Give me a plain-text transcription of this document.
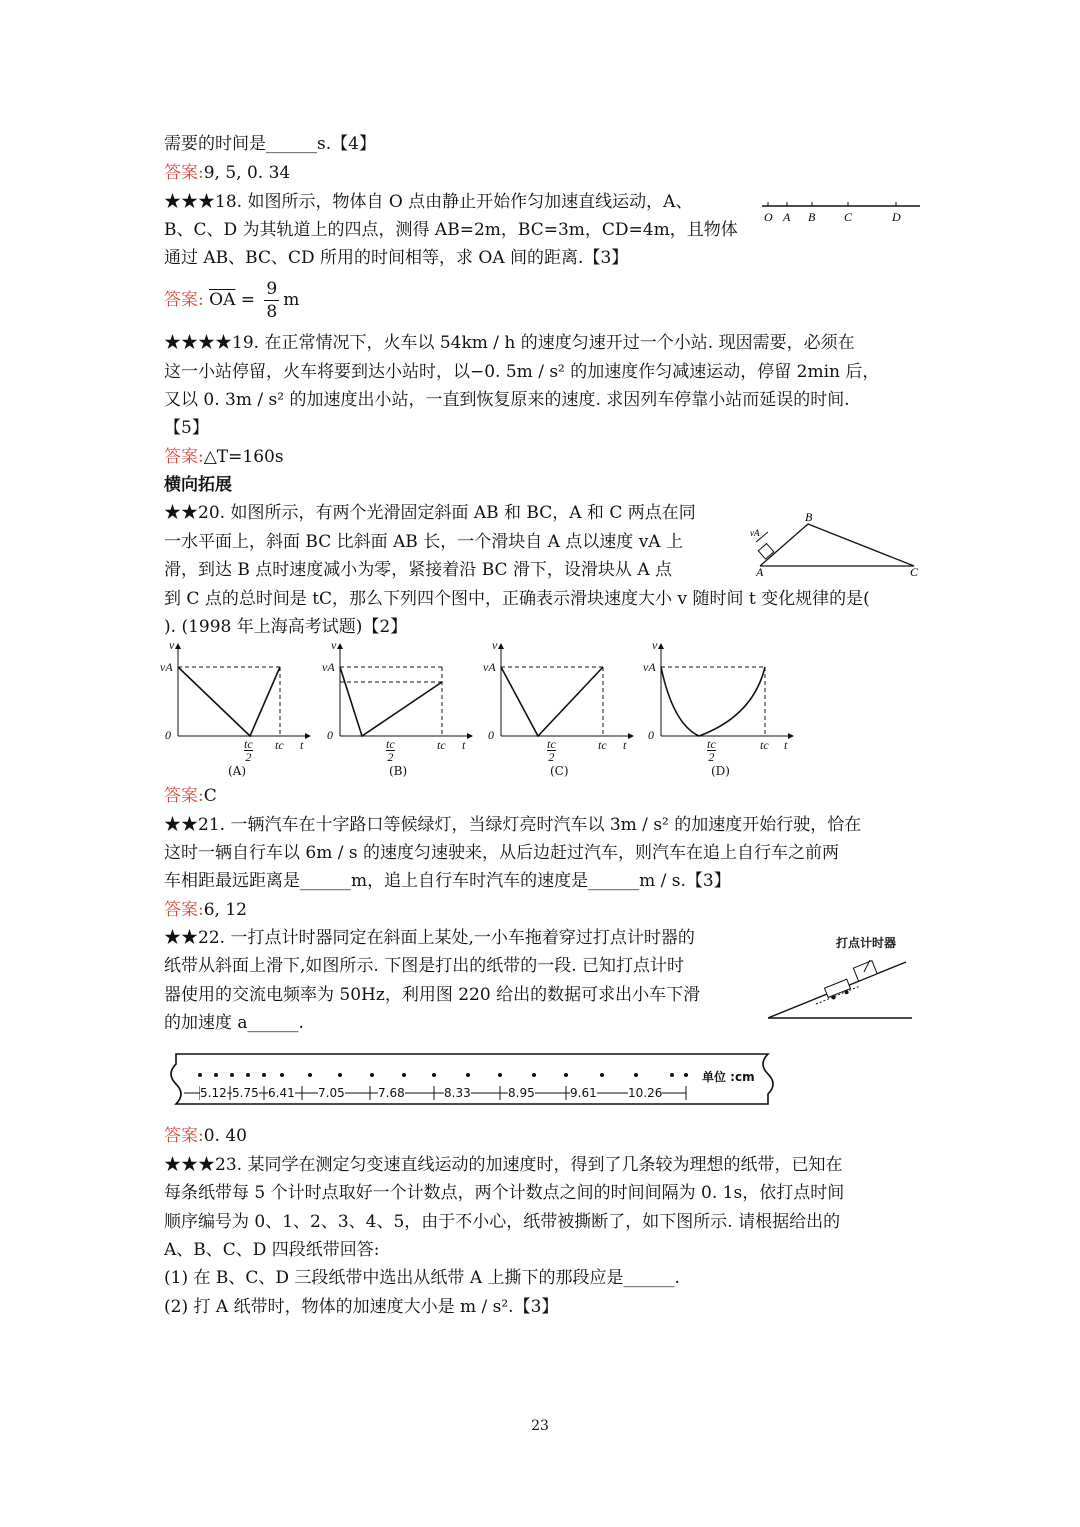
需要的时间是______s.【4】
答案:9, 5, 0. 34
★★★18. 如图所示，物体自 O 点由静止开始作匀加速直线运动，A、
B、C、D 为其轨道上的四点，测得 AB=2m，BC=3m，CD=4m，且物体
通过 AB、BC、CD 所用的时间相等，求 OA 间的距离.【3】
答案: $\overline{OA} = \frac{9}{8}$ m
★★★★19. 在正常情况下，火车以 54km / h 的速度匀速开过一个小站. 现因需要，必须在
这一小站停留，火车将要到达小站时，以−0. 5m / s² 的加速度作匀减速运动，停留 2min 后，
又以 0. 3m / s² 的加速度出小站，一直到恢复原来的速度. 求因列车停靠小站而延误的时间.
【5】
答案:△T=160s
横向拓展
★★20. 如图所示，有两个光滑固定斜面 AB 和 BC，A 和 C 两点在同
一水平面上，斜面 BC 比斜面 AB 长，一个滑块自 A 点以速度 vA 上
滑，到达 B 点时速度减小为零，紧接着沿 BC 滑下，设滑块从 A 点
到 C 点的总时间是 tC，那么下列四个图中，正确表示滑块速度大小 v 随时间 t 变化规律的是(
). (1998 年上海高考试题)【2】
答案:C
★★21. 一辆汽车在十字路口等候绿灯，当绿灯亮时汽车以 3m / s² 的加速度开始行驶，恰在
这时一辆自行车以 6m / s 的速度匀速驶来，从后边赶过汽车，则汽车在追上自行车之前两
车相距最远距离是______m，追上自行车时汽车的速度是______m / s.【3】
答案:6, 12
★★22. 一打点计时器同定在斜面上某处,一小车拖着穿过打点计时器的
纸带从斜面上滑下,如图所示. 下图是打出的纸带的一段. 已知打点计时
器使用的交流电频率为 50Hz，利用图 220 给出的数据可求出小车下滑
的加速度 a______.
答案:0. 40
★★★23. 某同学在测定匀变速直线运动的加速度时，得到了几条较为理想的纸带，已知在
每条纸带每 5 个计时点取好一个计数点，两个计数点之间的时间间隔为 0. 1s，依打点时间
顺序编号为 0、1、2、3、4、5，由于不小心，纸带被撕断了，如下图所示. 请根据给出的
A、B、C、D 四段纸带回答:
(1) 在 B、C、D 三段纸带中选出从纸带 A 上撕下的那段应是______.
(2) 打 A 纸带时，物体的加速度大小是 m / s².【3】
O A B C	D
B
A	C
vA
v
vA
0
$\frac{tc}{2}$ tc t
(A)
v
vA
0
$\frac{tc}{2}$	tc t
(B)
v
vA
0
$\frac{tc}{2}$	tc t
(C)
v
vA
0
$\frac{tc}{2}$	tc t
(D)
打点计时器
5.12 5.75 6.41 7.05	7.68	8.33	8.95	9.61	10.26
单位 :cm
23
